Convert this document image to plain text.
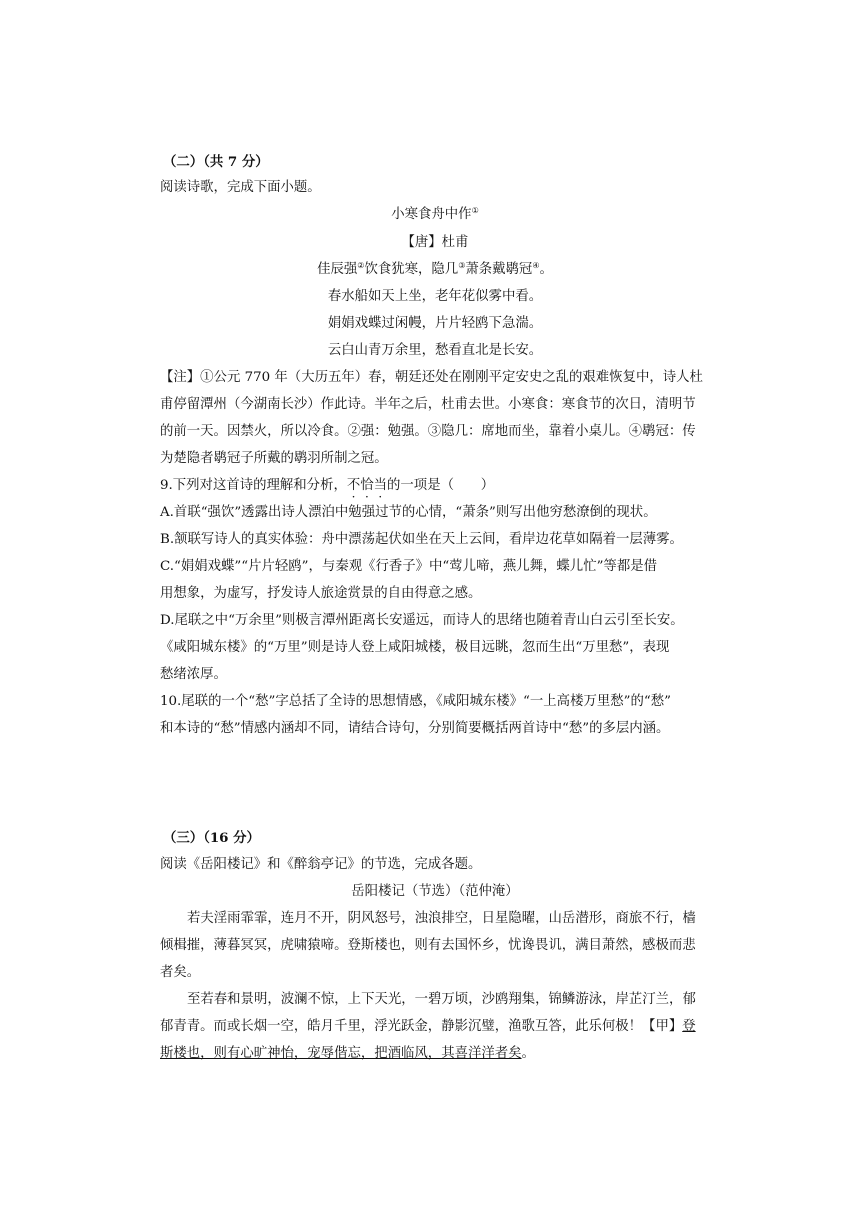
（二）（共 7 分）
阅读诗歌，完成下面小题。
小寒食舟中作①
【唐】杜甫
佳辰强②饮食犹寒，隐几③萧条戴鹖冠④。
春水船如天上坐，老年花似雾中看。
娟娟戏蝶过闲幔，片片轻鸥下急湍。
云白山青万余里，愁看直北是长安。
【注】①公元 770 年（大历五年）春，朝廷还处在刚刚平定安史之乱的艰难恢复中，诗人杜
甫停留潭州（今湖南长沙）作此诗。半年之后，杜甫去世。小寒食：寒食节的次日，清明节
的前一天。因禁火，所以冷食。②强：勉强。③隐几：席地而坐，靠着小桌儿。④鹖冠：传
为楚隐者鹖冠子所戴的鹖羽所制之冠。
9.下列对这首诗的理解和分析，不恰当的一项是（　　）
A.首联“强饮”透露出诗人漂泊中勉强过节的心情，“萧条”则写出他穷愁潦倒的现状。
B.颔联写诗人的真实体验：舟中漂荡起伏如坐在天上云间，看岸边花草如隔着一层薄雾。
C.“娟娟戏蝶”“片片轻鸥”，与秦观《行香子》中“莺儿啼，燕儿舞，蝶儿忙”等都是借
用想象，为虚写，抒发诗人旅途赏景的自由得意之感。
D.尾联之中“万余里”则极言潭州距离长安遥远，而诗人的思绪也随着青山白云引至长安。
《咸阳城东楼》的“万里”则是诗人登上咸阳城楼，极目远眺，忽而生出“万里愁”，表现
愁绪浓厚。
10.尾联的一个“愁”字总括了全诗的思想情感，《咸阳城东楼》“一上高楼万里愁”的“愁”
和本诗的“愁”情感内涵却不同，请结合诗句，分别简要概括两首诗中“愁”的多层内涵。
（三）（16 分）
阅读《岳阳楼记》和《醉翁亭记》的节选，完成各题。
岳阳楼记（节选）（范仲淹）
若夫淫雨霏霏，连月不开，阴风怒号，浊浪排空，日星隐曜，山岳潜形，商旅不行，樯
倾楫摧，薄暮冥冥，虎啸猿啼。登斯楼也，则有去国怀乡，忧谗畏讥，满目萧然，感极而悲
者矣。
至若春和景明，波澜不惊，上下天光，一碧万顷，沙鸥翔集，锦鳞游泳，岸芷汀兰，郁
郁青青。而或长烟一空，皓月千里，浮光跃金，静影沉璧，渔歌互答，此乐何极！【甲】登
斯楼也，则有心旷神怡，宠辱偕忘，把酒临风，其喜洋洋者矣。
